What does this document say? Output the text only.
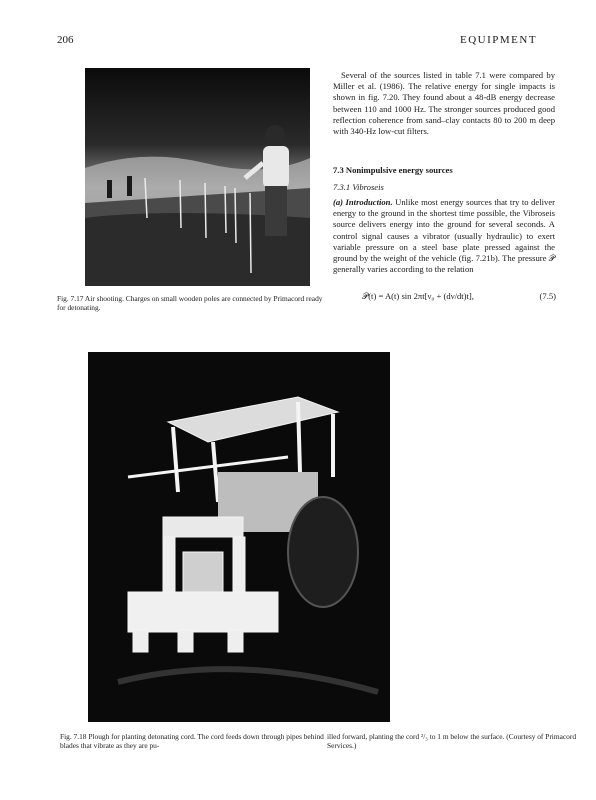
206	EQUIPMENT
Fig. 7.17 Air shooting. Charges on small wooden poles are connected by Primacord ready for detonating.
Several of the sources listed in table 7.1 were compared by Miller et al. (1986). The relative energy for single impacts is shown in fig. 7.20. They found about a 48-dB energy decrease between 110 and 1000 Hz. The stronger sources produced good reflection coherence from sand–clay contacts 80 to 200 m deep with 340-Hz low-cut filters.
7.3 Nonimpulsive energy sources
7.3.1 Vibroseis
(a) Introduction. Unlike most energy sources that try to deliver energy to the ground in the shortest time possible, the Vibroseis source delivers energy into the ground for several seconds. A control signal causes a vibrator (usually hydraulic) to exert variable pressure on a steel base plate pressed against the ground by the weight of the vehicle (fig. 7.21b). The pressure 𝒫 generally varies according to the relation
𝒫(t) = A(t) sin 2πt[ν₀ + (dν/dt)t],	(7.5)
Fig. 7.18 Plough for planting detonating cord. The cord feeds down through pipes behind blades that vibrate as they are pu-
illed forward, planting the cord ²/₃ to 1 m below the surface. (Courtesy of Primacord Services.)
